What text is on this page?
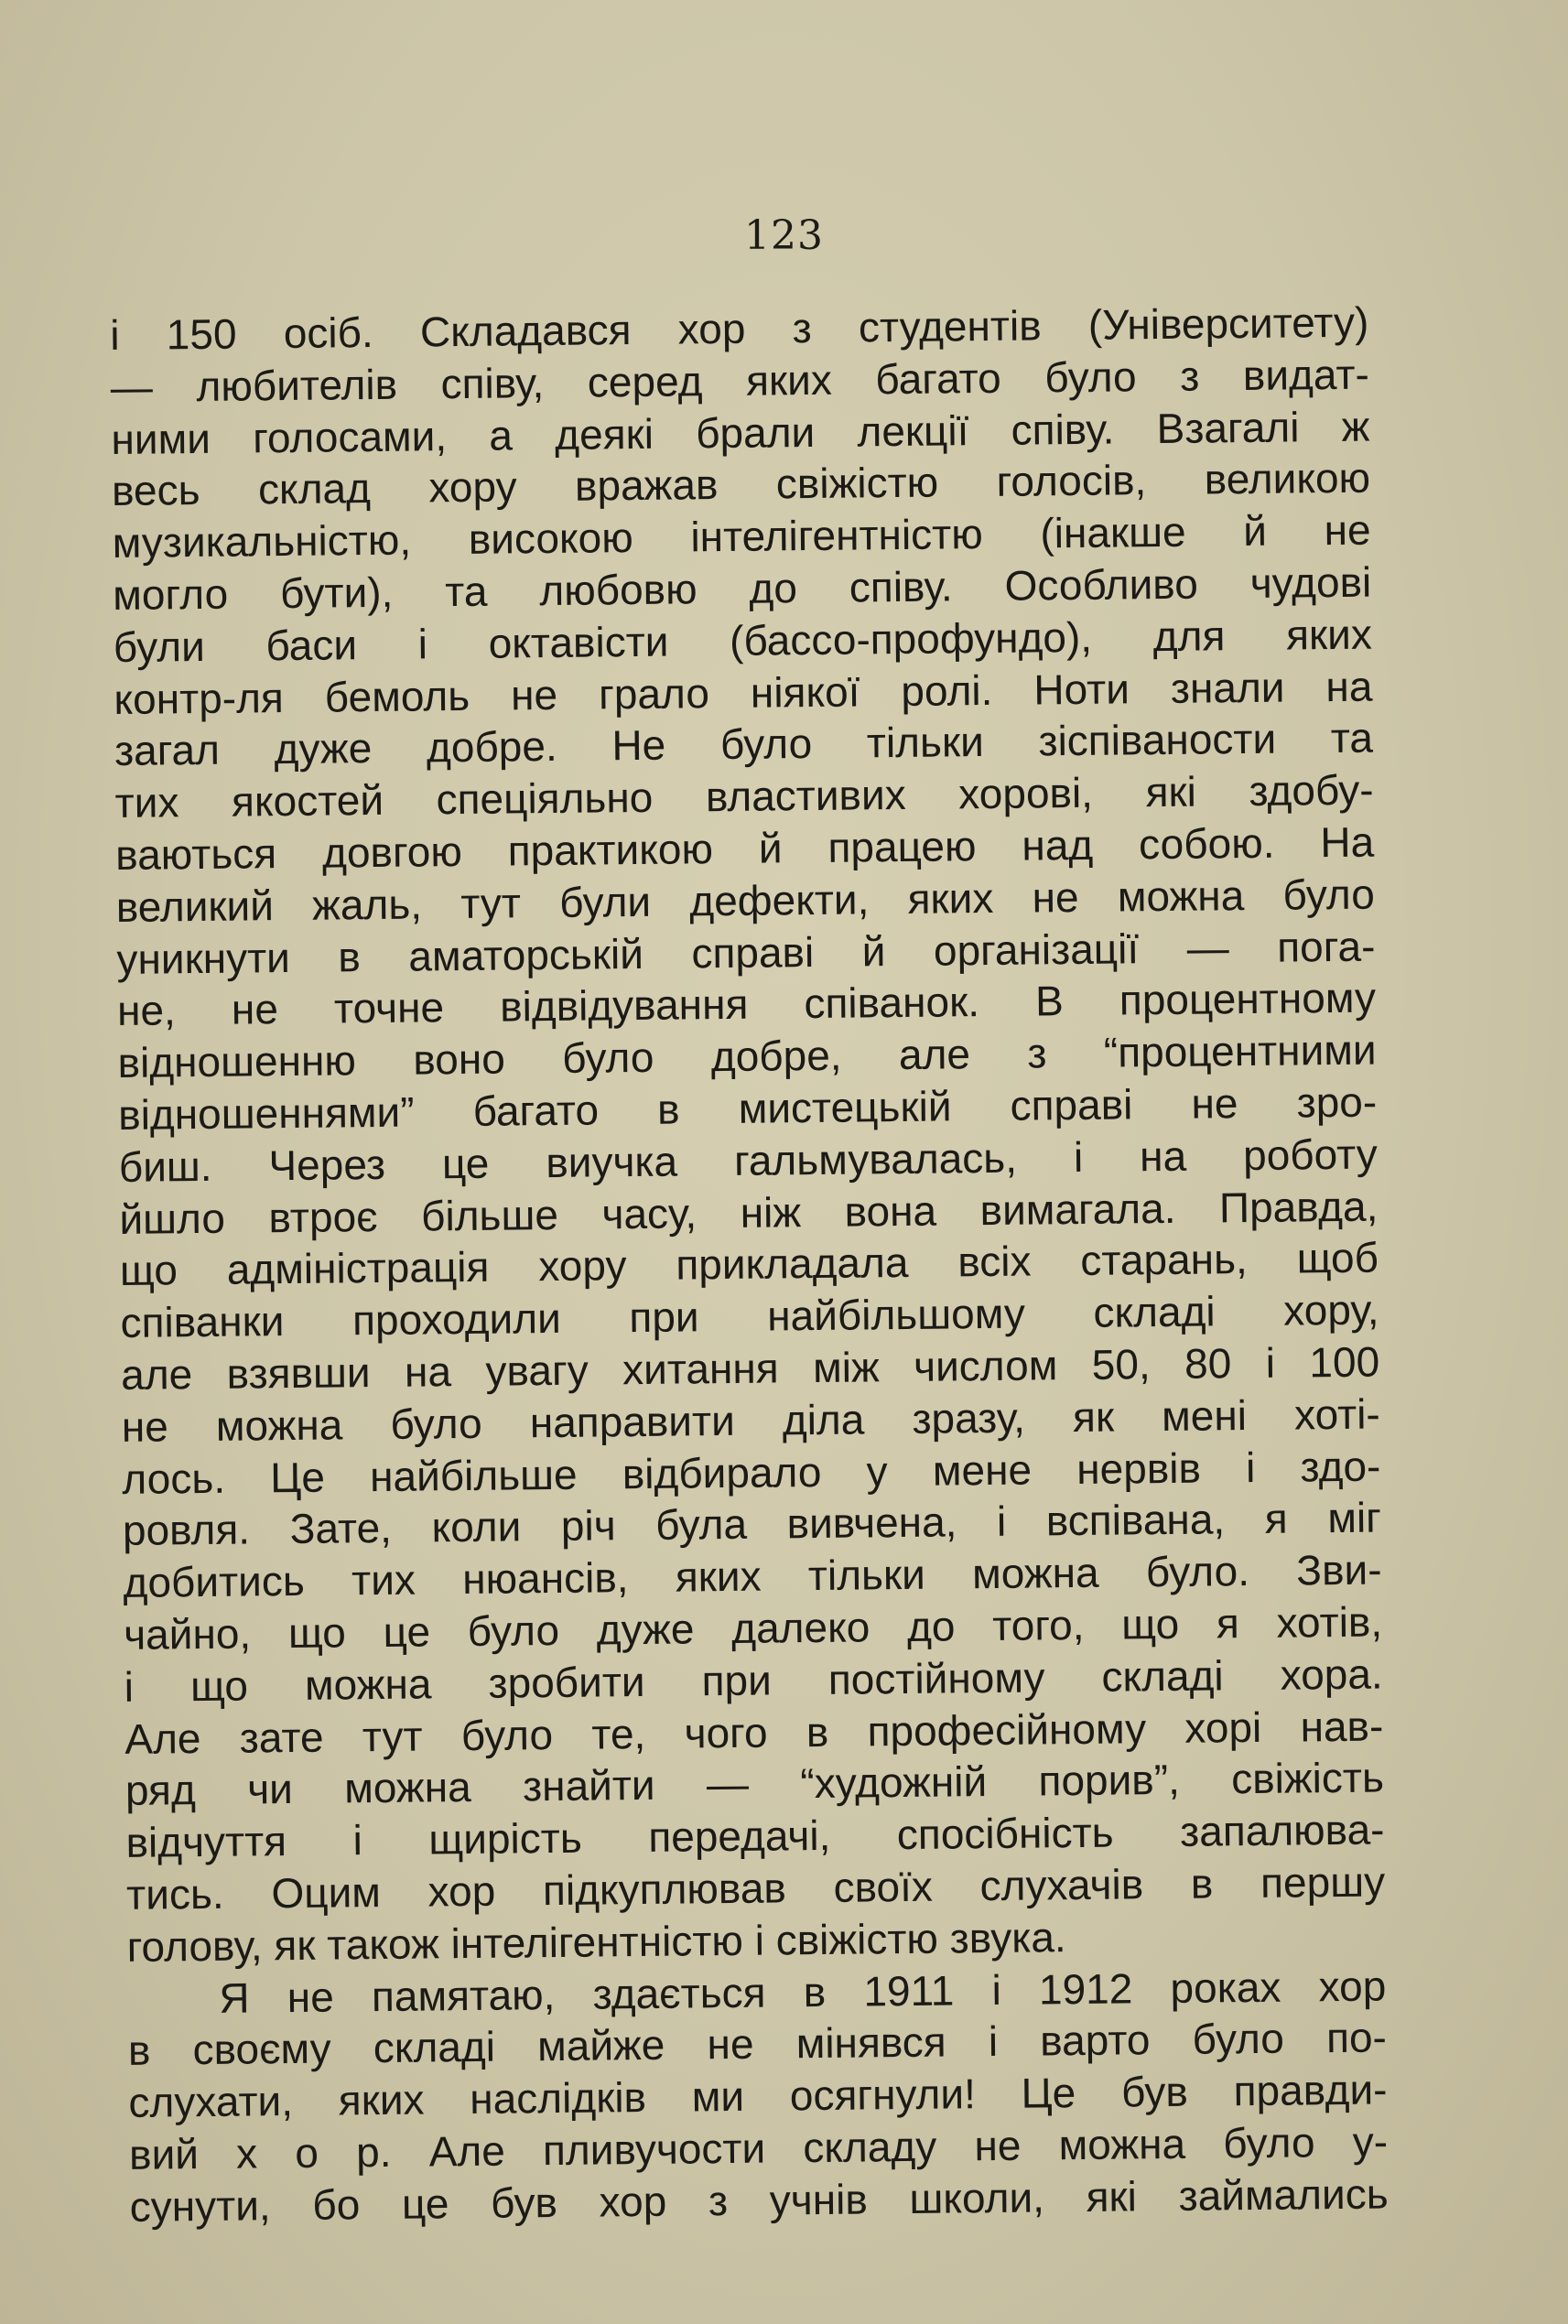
123
і 150 осіб. Складався хор з студентів (Університету)
— любителів співу, серед яких багато було з видат-
ними голосами, а деякі брали лекції співу. Взагалі ж
весь склад хору вражав свіжістю голосів, великою
музикальністю, високою інтелігентністю (інакше й не
могло бути), та любовю до співу. Особливо чудові
були баси і октавісти (бассо-профундо), для яких
контр-ля бемоль не грало ніякої ролі. Ноти знали на
загал дуже добре. Не було тільки зіспіваности та
тих якостей спеціяльно властивих хорові, які здобу-
ваються довгою практикою й працею над собою. На
великий жаль, тут були дефекти, яких не можна було
уникнути в аматорській справі й організації — пога-
не, не точне відвідування співанок. В процентному
відношенню воно було добре, але з “процентними
відношеннями” багато в мистецькій справі не зро-
биш. Через це виучка гальмувалась, і на роботу
йшло втроє більше часу, ніж вона вимагала. Правда,
що адміністрація хору прикладала всіх старань, щоб
співанки проходили при найбільшому складі хору,
але взявши на увагу хитання між числом 50, 80 і 100
не можна було направити діла зразу, як мені хоті-
лось. Це найбільше відбирало у мене нервів і здо-
ровля. Зате, коли річ була вивчена, і вспівана, я міг
добитись тих нюансів, яких тільки можна було. Зви-
чайно, що це було дуже далеко до того, що я хотів,
і що можна зробити при постійному складі хора.
Але зате тут було те, чого в професійному хорі нав-
ряд чи можна знайти — “художній порив”, свіжість
відчуття і щирість передачі, спосібність запалюва-
тись. Оцим хор підкуплював своїх слухачів в першу
голову, як також інтелігентністю і свіжістю звука.
Я не памятаю, здається в 1911 і 1912 роках хор
в своєму складі майже не мінявся і варто було по-
слухати, яких наслідків ми осягнули! Це був правди-
вий х о р. Але пливучости складу не можна було у-
сунути, бо це був хор з учнів школи, які займались
